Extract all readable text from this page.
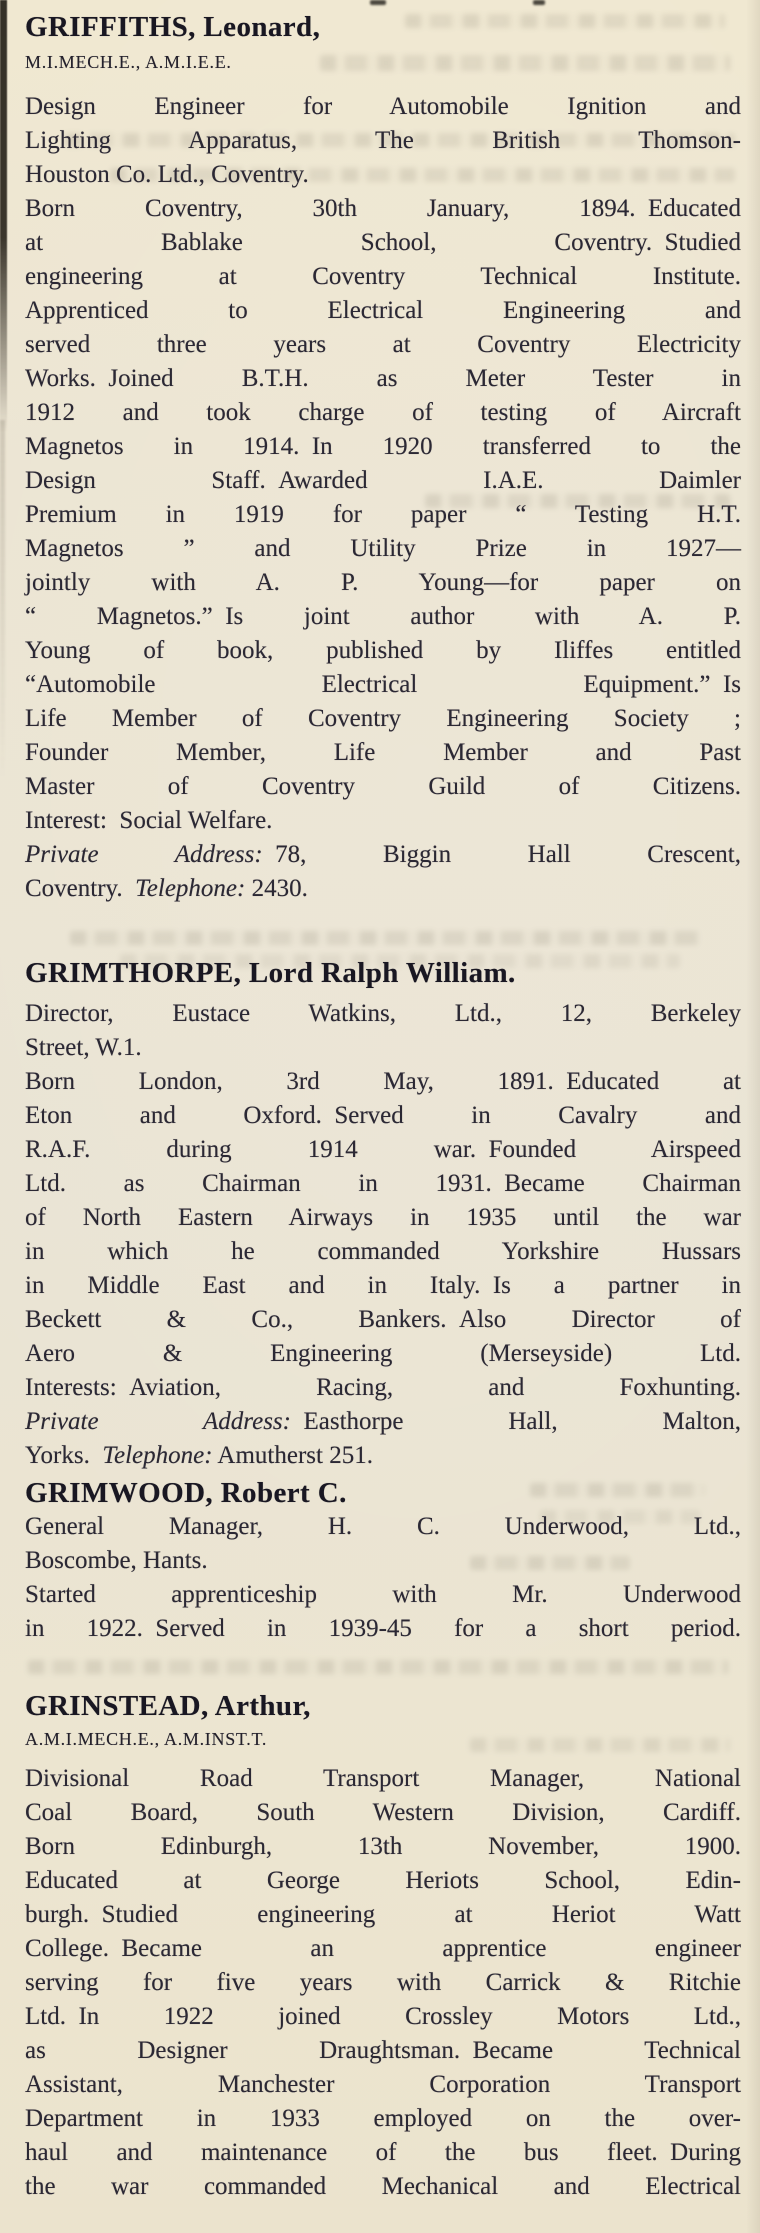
GRIFFITHS, Leonard,
M.I.MECH.E., A.M.I.E.E.
Design Engineer for Automobile Ignition and
Lighting Apparatus, The British Thomson-
Houston Co. Ltd., Coventry.
Born Coventry, 30th January, 1894. Educated
at Bablake School, Coventry. Studied
engineering at Coventry Technical Institute.
Apprenticed to Electrical Engineering and
served three years at Coventry Electricity
Works. Joined B.T.H. as Meter Tester in
1912 and took charge of testing of Aircraft
Magnetos in 1914. In 1920 transferred to the
Design Staff. Awarded I.A.E. Daimler
Premium in 1919 for paper “ Testing H.T.
Magnetos ” and Utility Prize in 1927—
jointly with A. P. Young—for paper on
“ Magnetos.” Is joint author with A. P.
Young of book, published by Iliffes entitled
“Automobile Electrical Equipment.” Is
Life Member of Coventry Engineering Society ;
Founder Member, Life Member and Past
Master of Coventry Guild of Citizens.
Interest: Social Welfare.
Private Address: 78, Biggin Hall Crescent,
Coventry. Telephone: 2430.
GRIMTHORPE, Lord Ralph William.
Director, Eustace Watkins, Ltd., 12, Berkeley
Street, W.1.
Born London, 3rd May, 1891. Educated at
Eton and Oxford. Served in Cavalry and
R.A.F. during 1914 war. Founded Airspeed
Ltd. as Chairman in 1931. Became Chairman
of North Eastern Airways in 1935 until the war
in which he commanded Yorkshire Hussars
in Middle East and in Italy. Is a partner in
Beckett & Co., Bankers. Also Director of
Aero & Engineering (Merseyside) Ltd.
Interests: Aviation, Racing, and Foxhunting.
Private Address: Easthorpe Hall, Malton,
Yorks. Telephone: Amutherst 251.
GRIMWOOD, Robert C.
General Manager, H. C. Underwood, Ltd.,
Boscombe, Hants.
Started apprenticeship with Mr. Underwood
in 1922. Served in 1939-45 for a short period.
GRINSTEAD, Arthur,
A.M.I.MECH.E., A.M.INST.T.
Divisional Road Transport Manager, National
Coal Board, South Western Division, Cardiff.
Born Edinburgh, 13th November, 1900.
Educated at George Heriots School, Edin-
burgh. Studied engineering at Heriot Watt
College. Became an apprentice engineer
serving for five years with Carrick & Ritchie
Ltd. In 1922 joined Crossley Motors Ltd.,
as Designer Draughtsman. Became Technical
Assistant, Manchester Corporation Transport
Department in 1933 employed on the over-
haul and maintenance of the bus fleet. During
the war commanded Mechanical and Electrical
